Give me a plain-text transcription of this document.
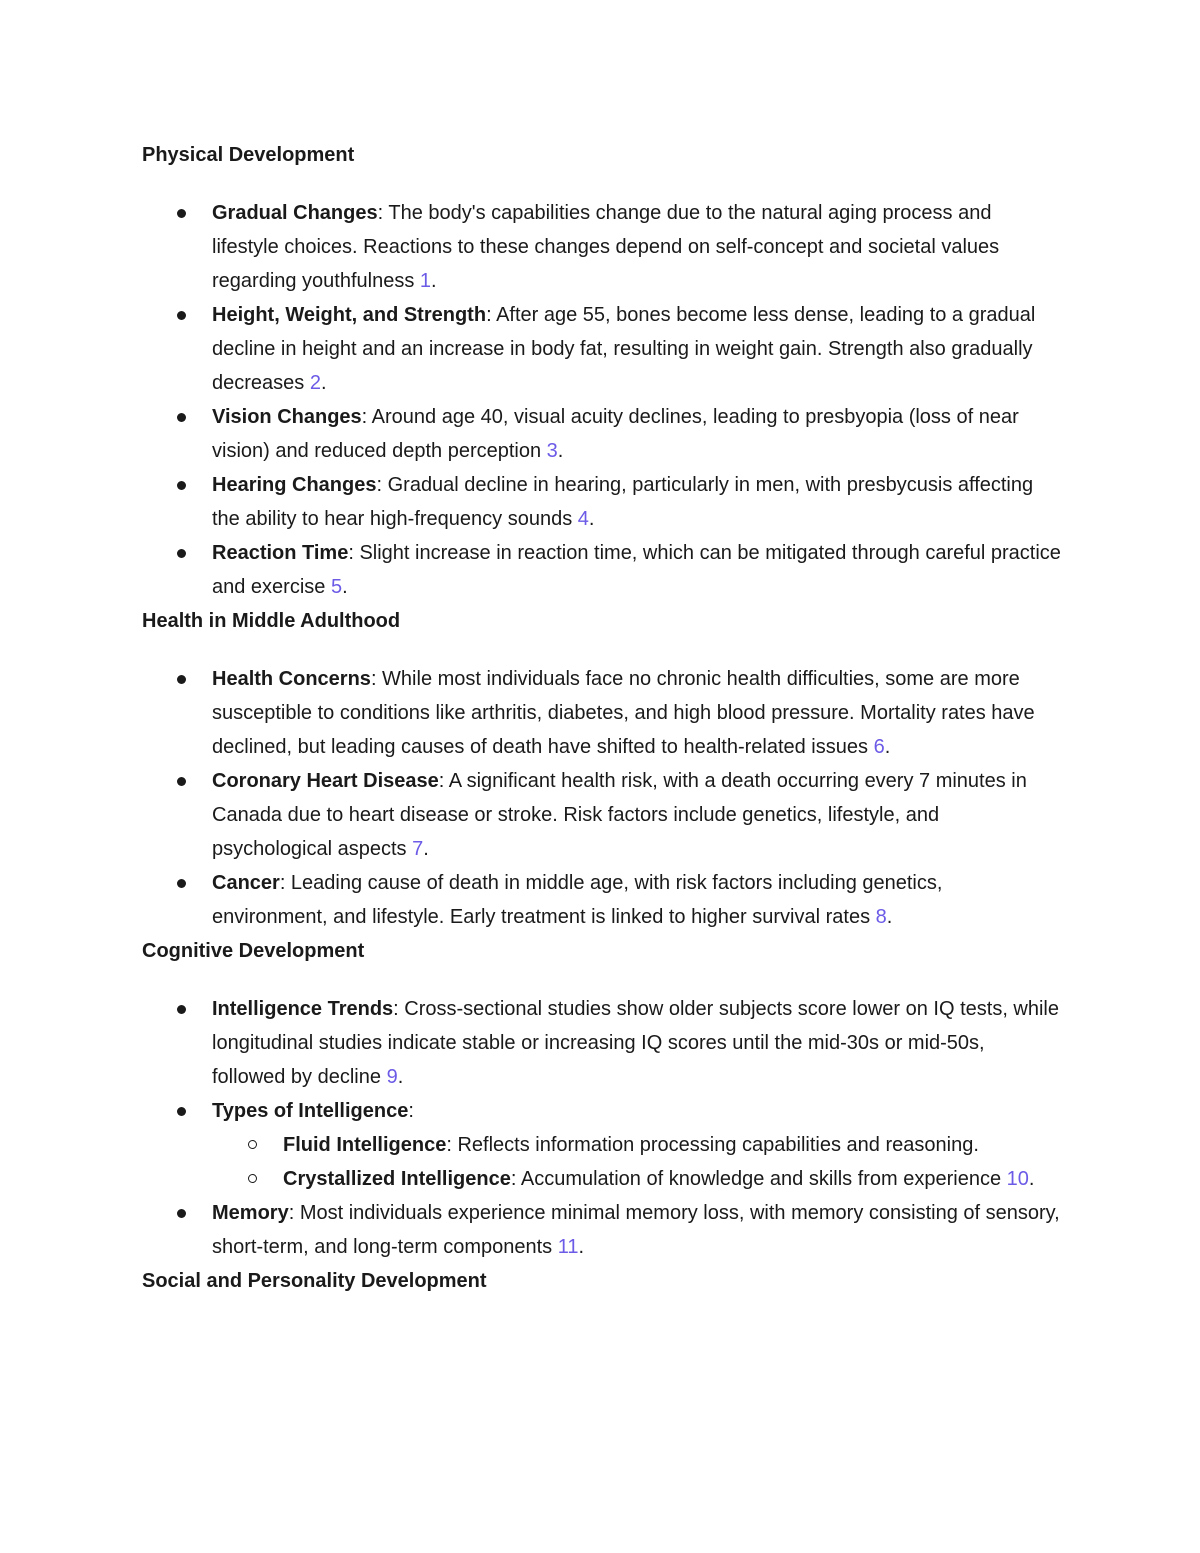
Physical Development

Gradual Changes: The body's capabilities change due to the natural aging process and lifestyle choices. Reactions to these changes depend on self-concept and societal values regarding youthfulness 1.
Height, Weight, and Strength: After age 55, bones become less dense, leading to a gradual decline in height and an increase in body fat, resulting in weight gain. Strength also gradually decreases 2.
Vision Changes: Around age 40, visual acuity declines, leading to presbyopia (loss of near vision) and reduced depth perception 3.
Hearing Changes: Gradual decline in hearing, particularly in men, with presbycusis affecting the ability to hear high-frequency sounds 4.
Reaction Time: Slight increase in reaction time, which can be mitigated through careful practice and exercise 5.

Health in Middle Adulthood

Health Concerns: While most individuals face no chronic health difficulties, some are more susceptible to conditions like arthritis, diabetes, and high blood pressure. Mortality rates have declined, but leading causes of death have shifted to health-related issues 6.
Coronary Heart Disease: A significant health risk, with a death occurring every 7 minutes in Canada due to heart disease or stroke. Risk factors include genetics, lifestyle, and psychological aspects 7.
Cancer: Leading cause of death in middle age, with risk factors including genetics, environment, and lifestyle. Early treatment is linked to higher survival rates 8.

Cognitive Development

Intelligence Trends: Cross-sectional studies show older subjects score lower on IQ tests, while longitudinal studies indicate stable or increasing IQ scores until the mid-30s or mid-50s, followed by decline 9.
Types of Intelligence:
Fluid Intelligence: Reflects information processing capabilities and reasoning.
Crystallized Intelligence: Accumulation of knowledge and skills from experience 10.
Memory: Most individuals experience minimal memory loss, with memory consisting of sensory, short-term, and long-term components 11.

Social and Personality Development
